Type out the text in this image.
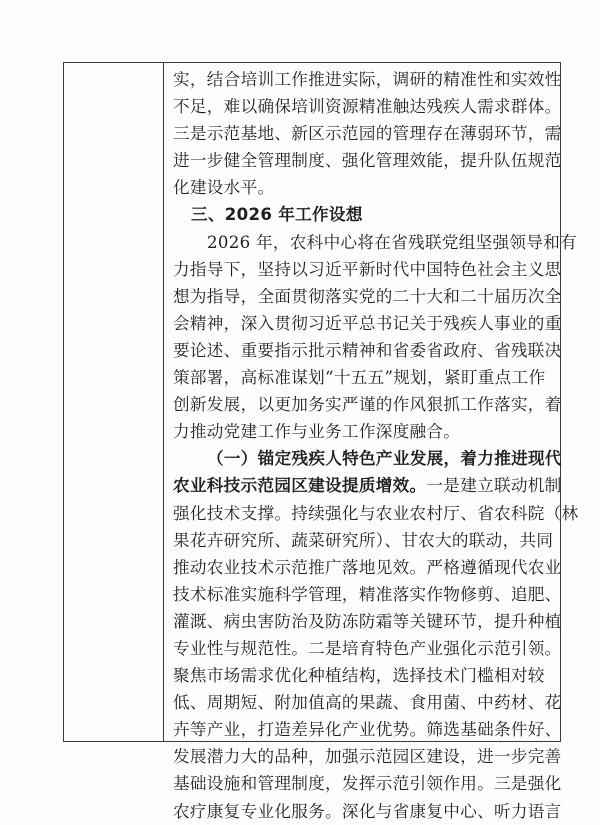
实，结合培训工作推进实际，调研的精准性和实效性
不足，难以确保培训资源精准触达残疾人需求群体。
三是示范基地、新区示范园的管理存在薄弱环节，需
进一步健全管理制度、强化管理效能，提升队伍规范
化建设水平。
三、2026 年工作设想
2026 年，农科中心将在省残联党组坚强领导和有
力指导下，坚持以习近平新时代中国特色社会主义思
想为指导，全面贯彻落实党的二十大和二十届历次全
会精神，深入贯彻习近平总书记关于残疾人事业的重
要论述、重要指示批示精神和省委省政府、省残联决
策部署，高标准谋划“十五五”规划，紧盯重点工作
创新发展，以更加务实严谨的作风狠抓工作落实，着
力推动党建工作与业务工作深度融合。
（一）锚定残疾人特色产业发展，着力推进现代
农业科技示范园区建设提质增效。一是建立联动机制
强化技术支撑。持续强化与农业农村厅、省农科院（林
果花卉研究所、蔬菜研究所）、甘农大的联动，共同
推动农业技术示范推广落地见效。严格遵循现代农业
技术标准实施科学管理，精准落实作物修剪、追肥、
灌溉、病虫害防治及防冻防霜等关键环节，提升种植
专业性与规范性。二是培育特色产业强化示范引领。
聚焦市场需求优化种植结构，选择技术门槛相对较
低、周期短、附加值高的果蔬、食用菌、中药材、花
卉等产业，打造差异化产业优势。筛选基础条件好、
发展潜力大的品种，加强示范园区建设，进一步完善
基础设施和管理制度，发挥示范引领作用。三是强化
农疗康复专业化服务。深化与省康复中心、听力语言
